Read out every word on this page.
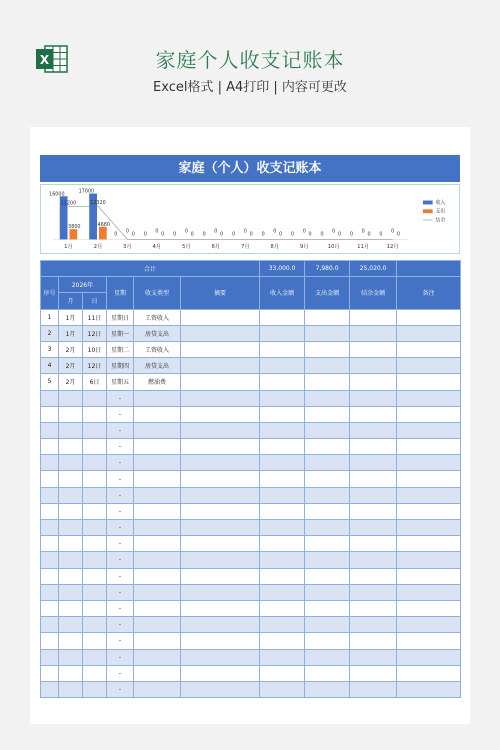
X	家庭个人收支记账本
Excel格式 | A4打印 | 内容可更改
家庭（个人）收支记账本
16000
3800
12200
1月
17000
4680
12320
2月
0	0
0
3月
0	0
0
4月
0	0
0
5月
0	0
0
6月
0	0
0
7月
0	0
0
8月
0	0
0
9月
0	0
0
10月
0	0
0
11月
0	0
0
12月
收入
支出
结余
合计						33,000.0	7,980.0	25,020.0	
序号	2026年		星期	收支类型	摘要	收入金额	支出金额	结余金额	备注
	月	日							
1	1月	11日	星期日	工资收入					
2	1月	12日	星期一	房贷支出					
3	2月	10日	星期二	工资收入					
4	2月	12日	星期四	房贷支出					
5	2月	6日	星期五	燃油费					
			-						
			-						
			-						
			-						
			-						
			-						
			-						
			-						
			-						
			-						
			-						
			-						
			-						
			-						
			-						
			-						
			-						
			-						
			-						
